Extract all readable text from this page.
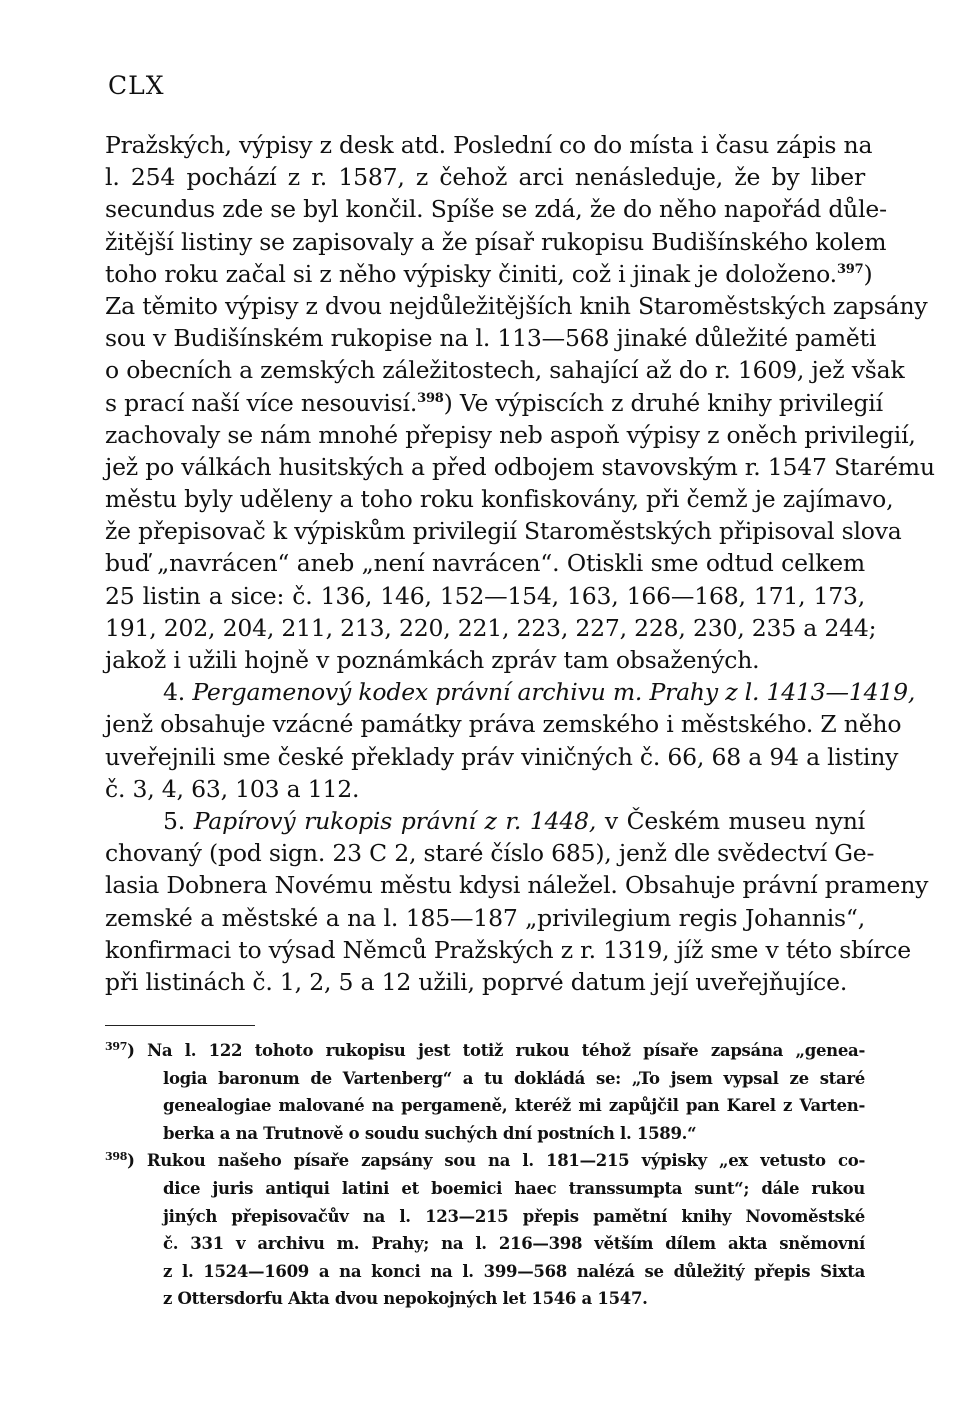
CLX
Pražských, výpisy z desk atd. Poslední co do místa i času zápis na
l. 254 pochází z r. 1587, z čehož arci nenásleduje, že by liber
secundus zde se byl končil. Spíše se zdá, že do něho napořád důle-
žitější listiny se zapisovaly a že písař rukopisu Budišínského kolem
toho roku začal si z něho výpisky činiti, což i jinak je doloženo.$^{397}$)
Za těmito výpisy z dvou nejdůležitějších knih Staroměstských zapsány
sou v Budišínském rukopise na l. 113—568 jinaké důležité paměti
o obecních a zemských záležitostech, sahající až do r. 1609, jež však
s prací naší více nesouvisí.$^{398}$) Ve výpiscích z druhé knihy privilegií
zachovaly se nám mnohé přepisy neb aspoň výpisy z oněch privilegií,
jež po válkách husitských a před odbojem stavovským r. 1547 Starému
městu byly uděleny a toho roku konfiskovány, při čemž je zajímavo,
že přepisovač k výpiskům privilegií Staroměstských připisoval slova
buď „navrácen“ aneb „není navrácen“. Otiskli sme odtud celkem
25 listin a sice: č. 136, 146, 152—154, 163, 166—168, 171, 173,
191, 202, 204, 211, 213, 220, 221, 223, 227, 228, 230, 235 a 244;
jakož i užili hojně v poznámkách zpráv tam obsažených.
4. Pergamenový kodex právní archivu m. Prahy z l. 1413—1419,
jenž obsahuje vzácné památky práva zemského i městského. Z něho
uveřejnili sme české překlady práv viničných č. 66, 68 a 94 a listiny
č. 3, 4, 63, 103 a 112.
5. Papírový rukopis právní z r. 1448, v Českém museu nyní
chovaný (pod sign. 23 C 2, staré číslo 685), jenž dle svědectví Ge-
lasia Dobnera Novému městu kdysi náležel. Obsahuje právní prameny
zemské a městské a na l. 185—187 „privilegium regis Johannis“,
konfirmaci to výsad Němců Pražských z r. 1319, jíž sme v této sbírce
při listinách č. 1, 2, 5 a 12 užili, poprvé datum její uveřejňujíce.
$^{397}$) Na l. 122 tohoto rukopisu jest totiž rukou téhož písaře zapsána „genea-
logia baronum de Vartenberg“ a tu dokládá se: „To jsem vypsal ze staré
genealogiae malované na pergameně, kteréž mi zapůjčil pan Karel z Varten-
berka a na Trutnově o soudu suchých dní postních l. 1589.“
$^{398}$) Rukou našeho písaře zapsány sou na l. 181—215 výpisky „ex vetusto co-
dice juris antiqui latini et boemici haec transsumpta sunt“; dále rukou
jiných přepisovačův na l. 123—215 přepis pamětní knihy Novoměstské
č. 331 v archivu m. Prahy; na l. 216—398 větším dílem akta sněmovní
z l. 1524—1609 a na konci na l. 399—568 nalézá se důležitý přepis Sixta
z Ottersdorfu Akta dvou nepokojných let 1546 a 1547.
